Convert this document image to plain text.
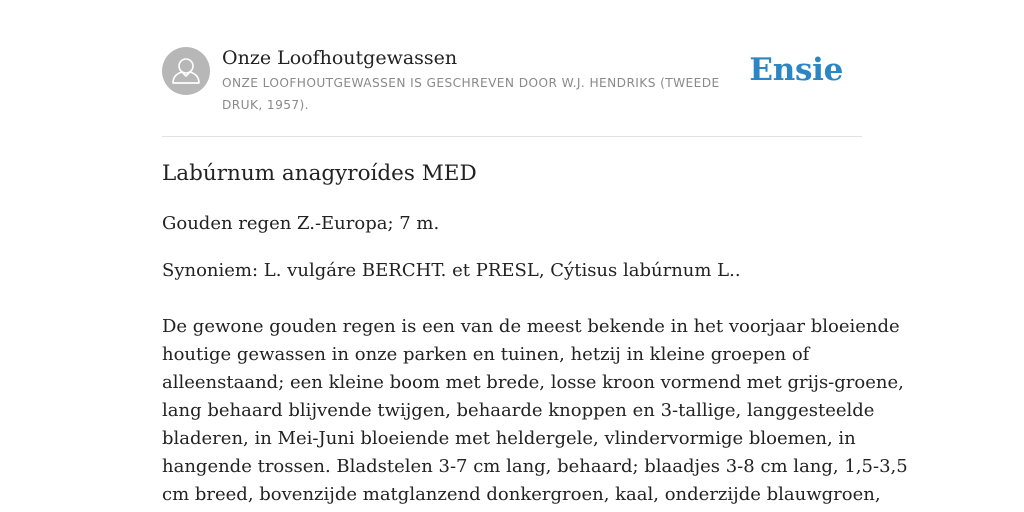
Onze Loofhoutgewassen
ONZE LOOFHOUTGEWASSEN IS GESCHREVEN DOOR W.J. HENDRIKS (TWEEDE DRUK, 1957).
Ensie
Labúrnum anagyroídes MED

Gouden regen Z.-Europa; 7 m.

Synoniem: L. vulgáre BERCHT. et PRESL, Cýtisus labúrnum L..

De gewone gouden regen is een van de meest bekende in het voorjaar bloeiende

houtige gewassen in onze parken en tuinen, hetzij in kleine groepen of

alleenstaand; een kleine boom met brede, losse kroon vormend met grijs-groene,

lang behaard blijvende twijgen, behaarde knoppen en 3-tallige, langgesteelde

bladeren, in Mei-Juni bloeiende met heldergele, vlindervormige bloemen, in

hangende trossen. Bladstelen 3-7 cm lang, behaard; blaadjes 3-8 cm lang, 1,5-3,5

cm breed, bovenzijde matglanzend donkergroen, kaal, onderzijde blauwgroen,
